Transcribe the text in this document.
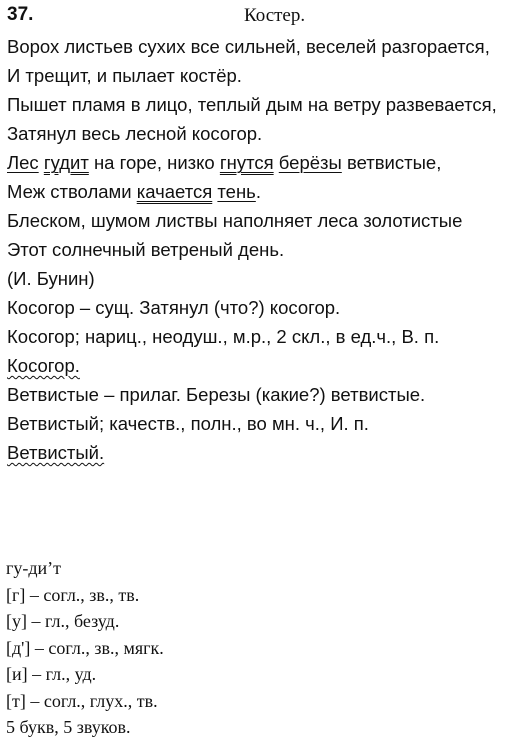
37.	Костер.
Ворох листьев сухих все сильней, веселей разгорается,
И трещит, и пылает костёр.
Пышет пламя в лицо, теплый дым на ветру развевается,
Затянул весь лесной косогор.
Лес гудит на горе, низко гнутся берёзы ветвистые,
Меж стволами качается тень.
Блеском, шумом листвы наполняет леса золотистые
Этот солнечный ветреный день.
(И. Бунин)
Косогор – сущ. Затянул (что?) косогор.
Косогор; нариц., неодуш., м.р., 2 скл., в ед.ч., В. п.
Косогор.
Ветвистые – прилаг. Березы (какие?) ветвистые.
Ветвистый; качеств., полн., во мн. ч., И. п.
Ветвистый.
гу-ди’т
[г] – согл., зв., тв.
[у] – гл., безуд.
[д'] – согл., зв., мягк.
[и] – гл., уд.
[т] – согл., глух., тв.
5 букв, 5 звуков.
